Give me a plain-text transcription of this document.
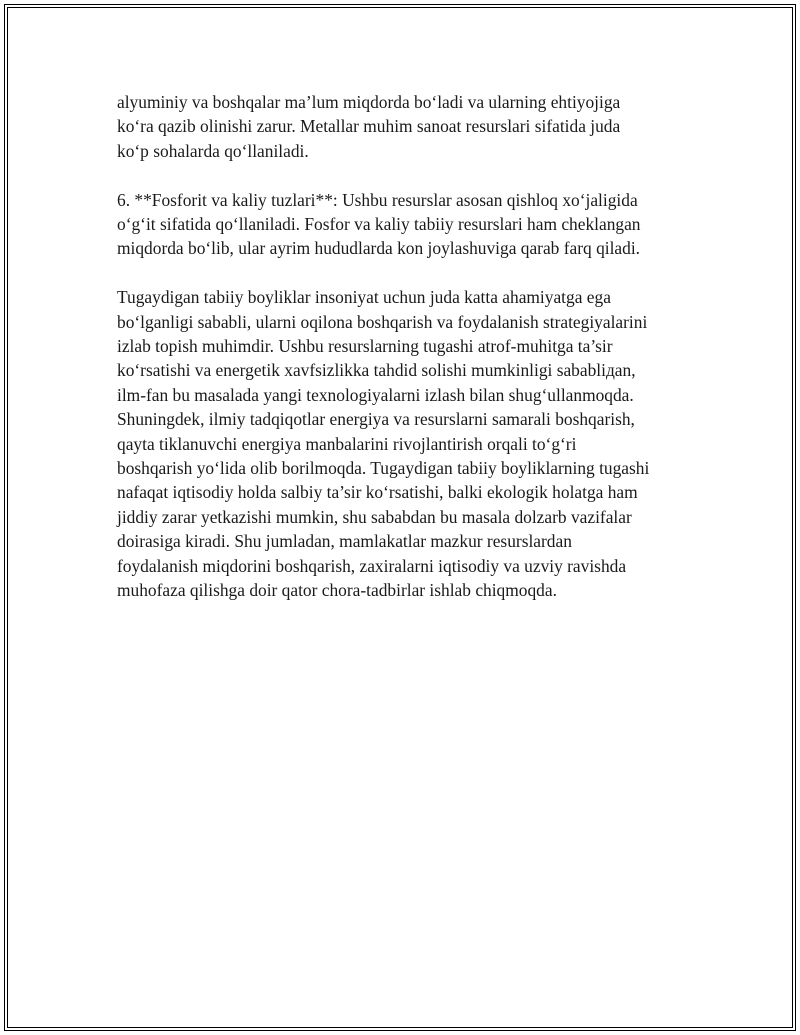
alyuminiy va boshqalar ma’lum miqdorda bo‘ladi va ularning ehtiyojiga
ko‘ra qazib olinishi zarur. Metallar muhim sanoat resurslari sifatida juda
ko‘p sohalarda qo‘llaniladi.

6. **Fosforit va kaliy tuzlari**: Ushbu resurslar asosan qishloq xo‘jaligida
o‘g‘it sifatida qo‘llaniladi. Fosfor va kaliy tabiiy resurslari ham cheklangan
miqdorda bo‘lib, ular ayrim hududlarda kon joylashuviga qarab farq qiladi.

Tugaydigan tabiiy boyliklar insoniyat uchun juda katta ahamiyatga ega
bo‘lganligi sababli, ularni oqilona boshqarish va foydalanish strategiyalarini
izlab topish muhimdir. Ushbu resurslarning tugashi atrof-muhitga ta’sir
ko‘rsatishi va energetik xavfsizlikka tahdid solishi mumkinligi sababliдan,
ilm-fan bu masalada yangi texnologiyalarni izlash bilan shug‘ullanmoqda.
Shuningdek, ilmiy tadqiqotlar energiya va resurslarni samarali boshqarish,
qayta tiklanuvchi energiya manbalarini rivojlantirish orqali to‘g‘ri
boshqarish yo‘lida olib borilmoqda. Tugaydigan tabiiy boyliklarning tugashi
nafaqat iqtisodiy holda salbiy ta’sir ko‘rsatishi, balki ekologik holatga ham
jiddiy zarar yetkazishi mumkin, shu sababdan bu masala dolzarb vazifalar
doirasiga kiradi. Shu jumladan, mamlakatlar mazkur resurslardan
foydalanish miqdorini boshqarish, zaxiralarni iqtisodiy va uzviy ravishda
muhofaza qilishga doir qator chora-tadbirlar ishlab chiqmoqda.
